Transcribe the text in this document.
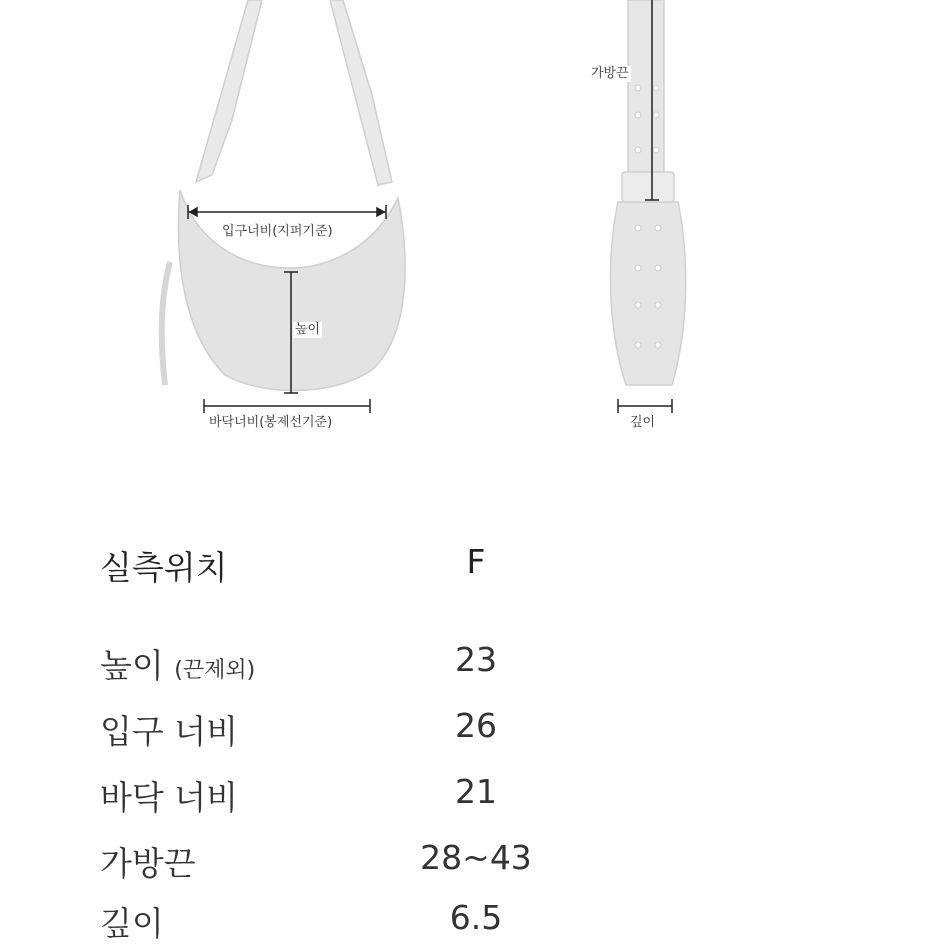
입구너비(지퍼기준)
높이
바닥너비(봉제선기준)
가방끈
깊이
실측위치	F
높이 (끈제외)	23
입구 너비	26
바닥 너비	21
가방끈	28~43
깊이	6.5
